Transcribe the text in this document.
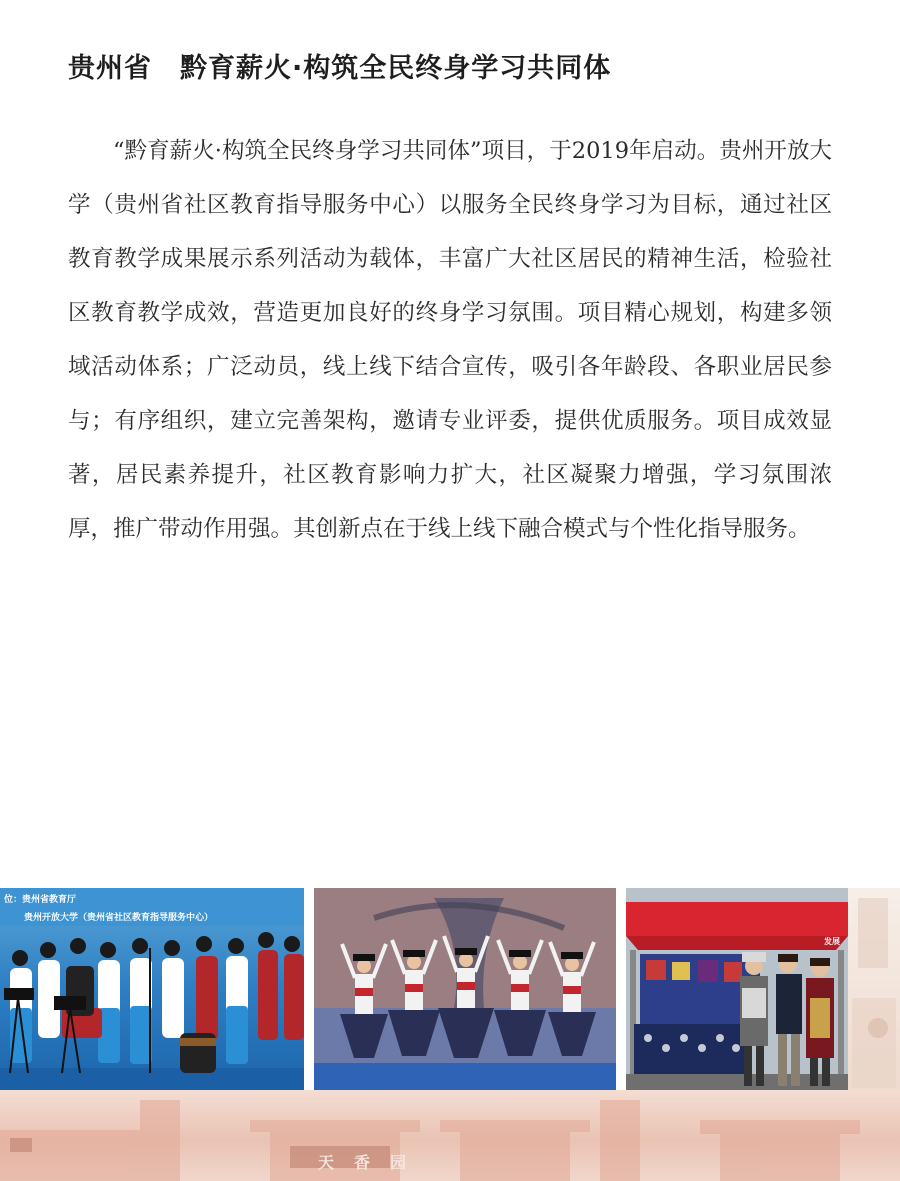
贵州省 黔育薪火·构筑全民终身学习共同体

“黔育薪火·构筑全民终身学习共同体”项目，于2019年启动。贵州开放大学（贵州省社区教育指导服务中心）以服务全民终身学习为目标，通过社区教育教学成果展示系列活动为载体，丰富广大社区居民的精神生活，检验社区教育教学成效，营造更加良好的终身学习氛围。项目精心规划，构建多领域活动体系；广泛动员，线上线下结合宣传，吸引各年龄段、各职业居民参与；有序组织，建立完善架构，邀请专业评委，提供优质服务。项目成效显著，居民素养提升，社区教育影响力扩大，社区凝聚力增强，学习氛围浓厚，推广带动作用强。其创新点在于线上线下融合模式与个性化指导服务。

位：贵州省教育厅
贵州开放大学（贵州省社区教育指导服务中心）
发展
天香园
